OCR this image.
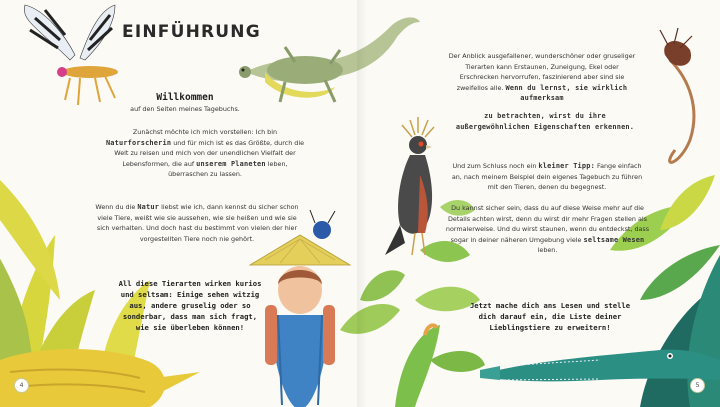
EINFÜHRUNG

Willkommen

auf den Seiten meines Tagebuchs.

Zunächst möchte ich mich vorstellen: Ich bin Naturforscherin und für mich ist es das Größte, durch die Welt zu reisen und mich von der unendlichen Vielfalt der Lebensformen, die auf unserem Planeten leben, überraschen zu lassen.

Wenn du die Natur liebst wie ich, dann kennst du sicher schon viele Tiere, weißt wie sie aussehen, wie sie heißen und wie sie sich verhalten. Und doch hast du bestimmt von vielen der hier vorgestellten Tiere noch nie gehört.

All diese Tierarten wirken kurios und seltsam: Einige sehen witzig aus, andere gruselig oder so sonderbar, dass man sich fragt, wie sie überleben können!
4

Der Anblick ausgefallener, wunderschöner oder gruseliger Tierarten kann Erstaunen, Zuneigung, Ekel oder Erschrecken hervorrufen, faszinierend aber sind sie zweifellos alle. Wenn du lernst, sie wirklich aufmerksam

zu betrachten, wirst du ihre außergewöhnlichen Eigenschaften erkennen.

Und zum Schluss noch ein kleiner Tipp: Fange einfach an, nach meinem Beispiel dein eigenes Tagebuch zu führen mit den Tieren, denen du begegnest.

Du kannst sicher sein, dass du auf diese Weise mehr auf die Details achten wirst, denn du wirst dir mehr Fragen stellen als normalerweise. Und du wirst staunen, wenn du entdeckst, dass sogar in deiner näheren Umgebung viele seltsame Wesen leben.

Jetzt mache dich ans Lesen und stelle dich darauf ein, die Liste deiner Lieblingstiere zu erweitern!
5
